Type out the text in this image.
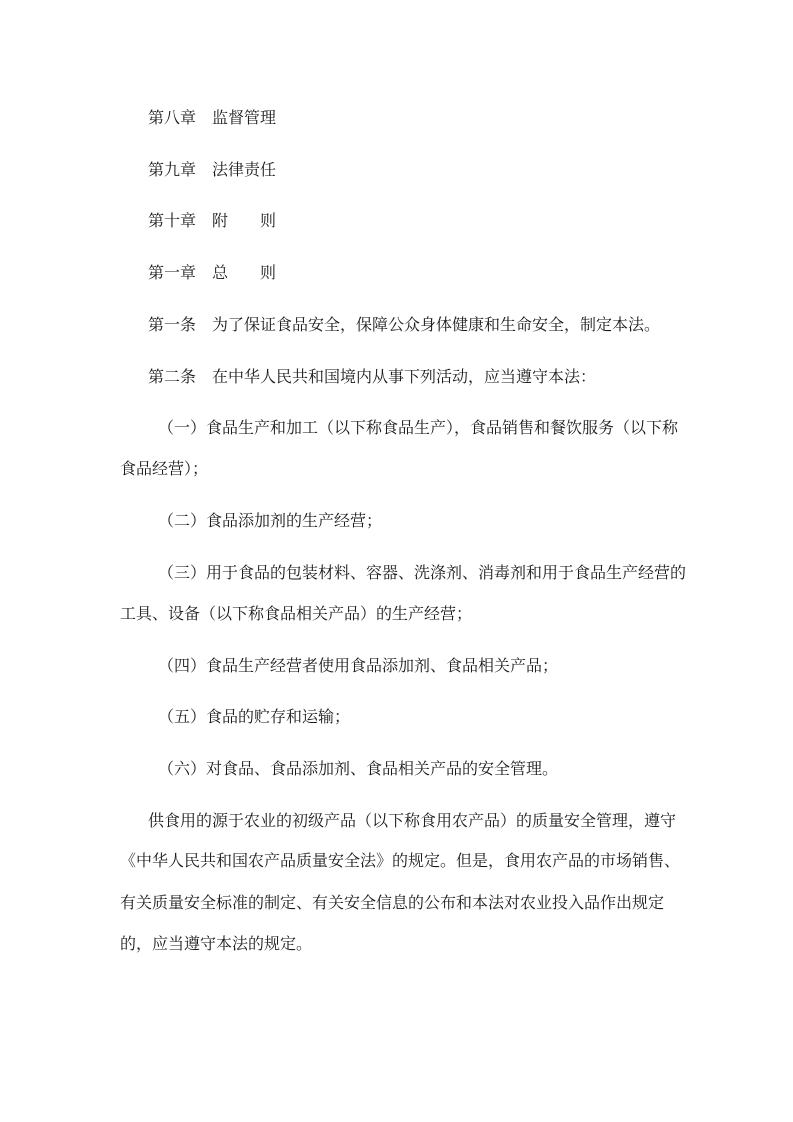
第八章 监督管理
第九章 法律责任
第十章 附 则
第一章 总 则
第一条 为了保证食品安全，保障公众身体健康和生命安全，制定本法。
第二条 在中华人民共和国境内从事下列活动，应当遵守本法：
（一）食品生产和加工（以下称食品生产），食品销售和餐饮服务（以下称
食品经营）；
（二）食品添加剂的生产经营；
（三）用于食品的包装材料、容器、洗涤剂、消毒剂和用于食品生产经营的
工具、设备（以下称食品相关产品）的生产经营；
（四）食品生产经营者使用食品添加剂、食品相关产品；
（五）食品的贮存和运输；
（六）对食品、食品添加剂、食品相关产品的安全管理。
供食用的源于农业的初级产品（以下称食用农产品）的质量安全管理，遵守
《中华人民共和国农产品质量安全法》的规定。但是，食用农产品的市场销售、
有关质量安全标准的制定、有关安全信息的公布和本法对农业投入品作出规定
的，应当遵守本法的规定。
